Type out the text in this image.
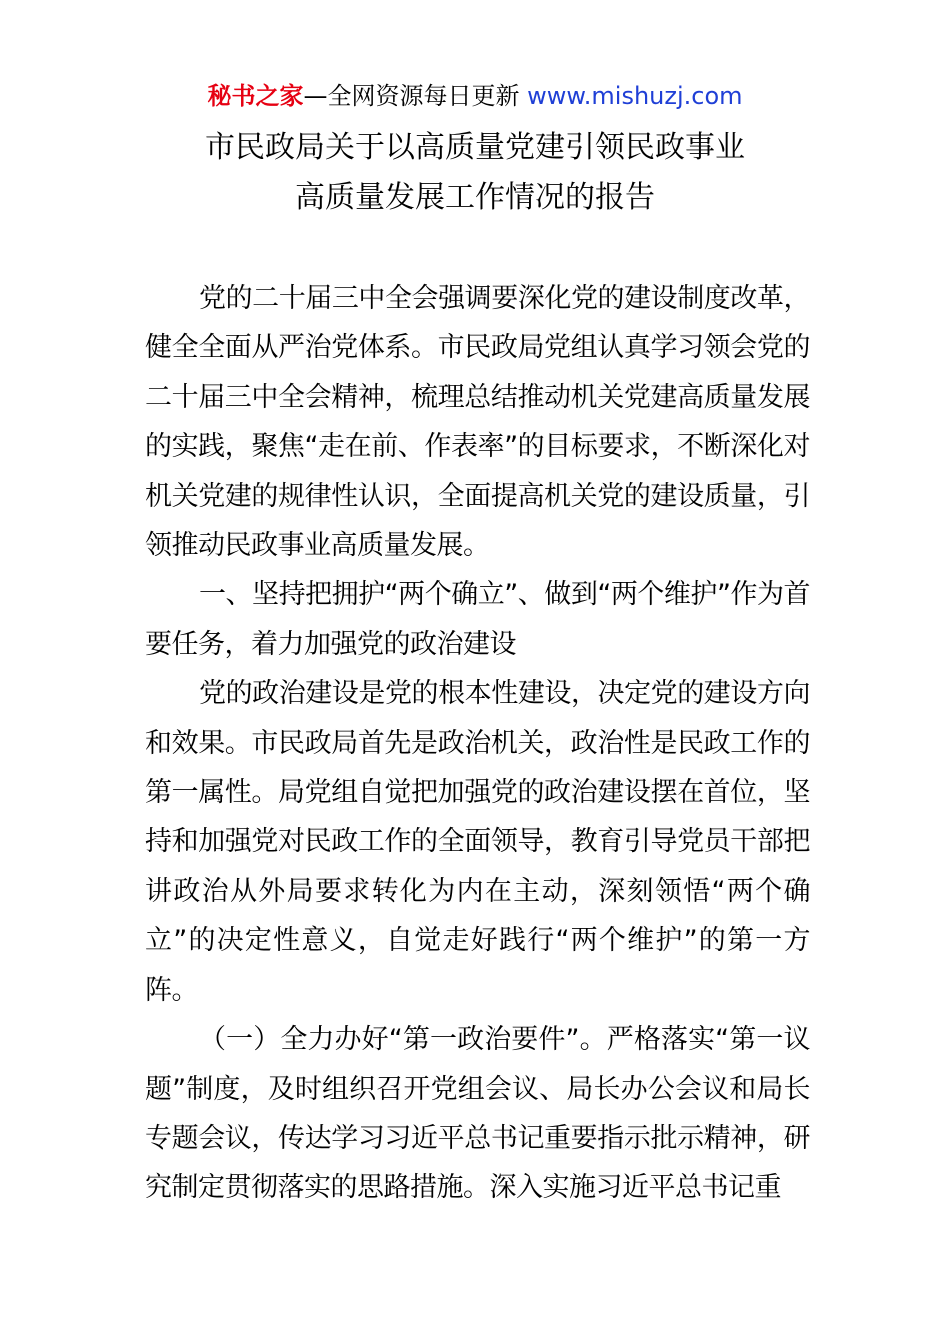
秘书之家—全网资源每日更新 www.mishuzj.com
市民政局关于以高质量党建引领民政事业
高质量发展工作情况的报告

党的二十届三中全会强调要深化党的建设制度改革，健全全面从严治党体系。市民政局党组认真学习领会党的二十届三中全会精神，梳理总结推动机关党建高质量发展的实践，聚焦“走在前、作表率”的目标要求，不断深化对机关党建的规律性认识，全面提高机关党的建设质量，引领推动民政事业高质量发展。

一、坚持把拥护“两个确立”、做到“两个维护”作为首要任务，着力加强党的政治建设

党的政治建设是党的根本性建设，决定党的建设方向和效果。市民政局首先是政治机关，政治性是民政工作的第一属性。局党组自觉把加强党的政治建设摆在首位，坚持和加强党对民政工作的全面领导，教育引导党员干部把讲政治从外局要求转化为内在主动，深刻领悟“两个确立”的决定性意义，自觉走好践行“两个维护”的第一方阵。

（一）全力办好“第一政治要件”。严格落实“第一议题”制度，及时组织召开党组会议、局长办公会议和局长专题会议，传达学习习近平总书记重要指示批示精神，研究制定贯彻落实的思路措施。深入实施习近平总书记重
